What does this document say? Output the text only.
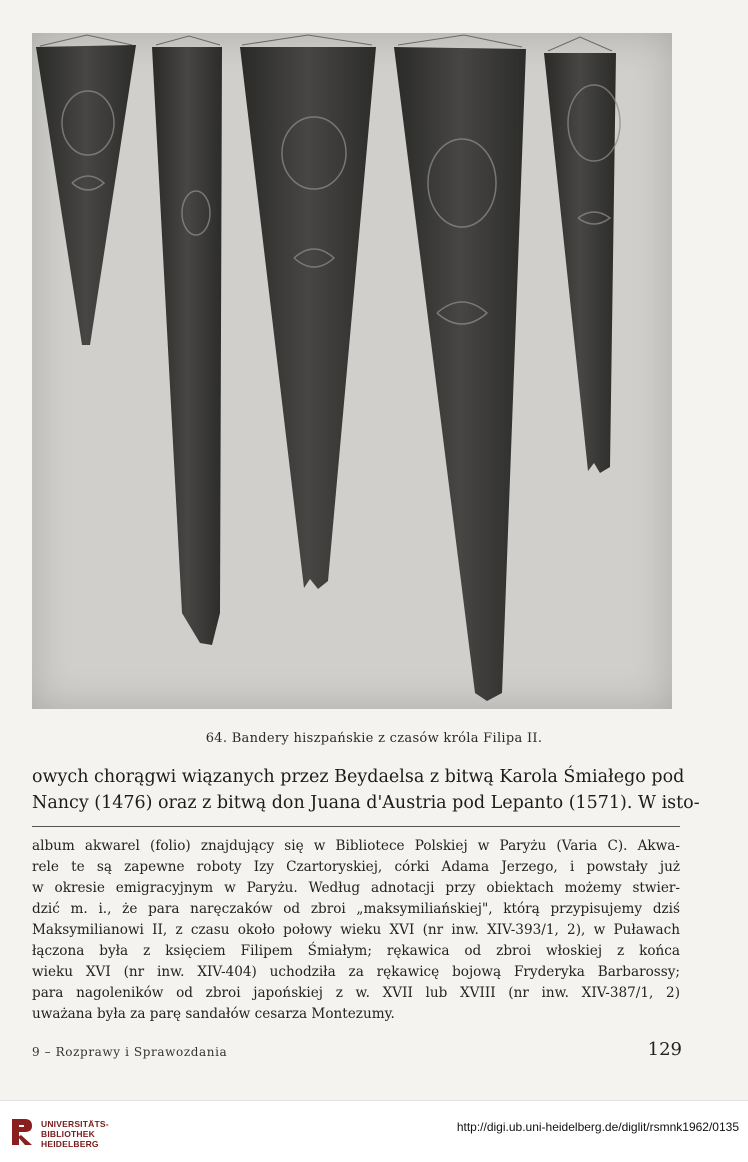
64. Bandery hiszpańskie z czasów króla Filipa II.
owych chorągwi wiązanych przez Beydaelsa z bitwą Karola Śmiałego pod
Nancy (1476) oraz z bitwą don Juana d'Austria pod Lepanto (1571). W isto-
album akwarel (folio) znajdujący się w Bibliotece Polskiej w Paryżu (Varia C). Akwa-
rele te są zapewne roboty Izy Czartoryskiej, córki Adama Jerzego, i powstały już
w okresie emigracyjnym w Paryżu. Według adnotacji przy obiektach możemy stwier-
dzić m. i., że para naręczaków od zbroi „maksymiliańskiej", którą przypisujemy dziś
Maksymilianowi II, z czasu około połowy wieku XVI (nr inw. XIV-393/1, 2), w Puławach
łączona była z księciem Filipem Śmiałym; rękawica od zbroi włoskiej z końca
wieku XVI (nr inw. XIV-404) uchodziła za rękawicę bojową Fryderyka Barbarossy;
para nagoleników od zbroi japońskiej z w. XVII lub XVIII (nr inw. XIV-387/1, 2)
uważana była za parę sandałów cesarza Montezumy.
9 – Rozprawy i Sprawozdania	129
UNIVERSITÄTS-
BIBLIOTHEK
HEIDELBERG
http://digi.ub.uni-heidelberg.de/diglit/rsmnk1962/0135
